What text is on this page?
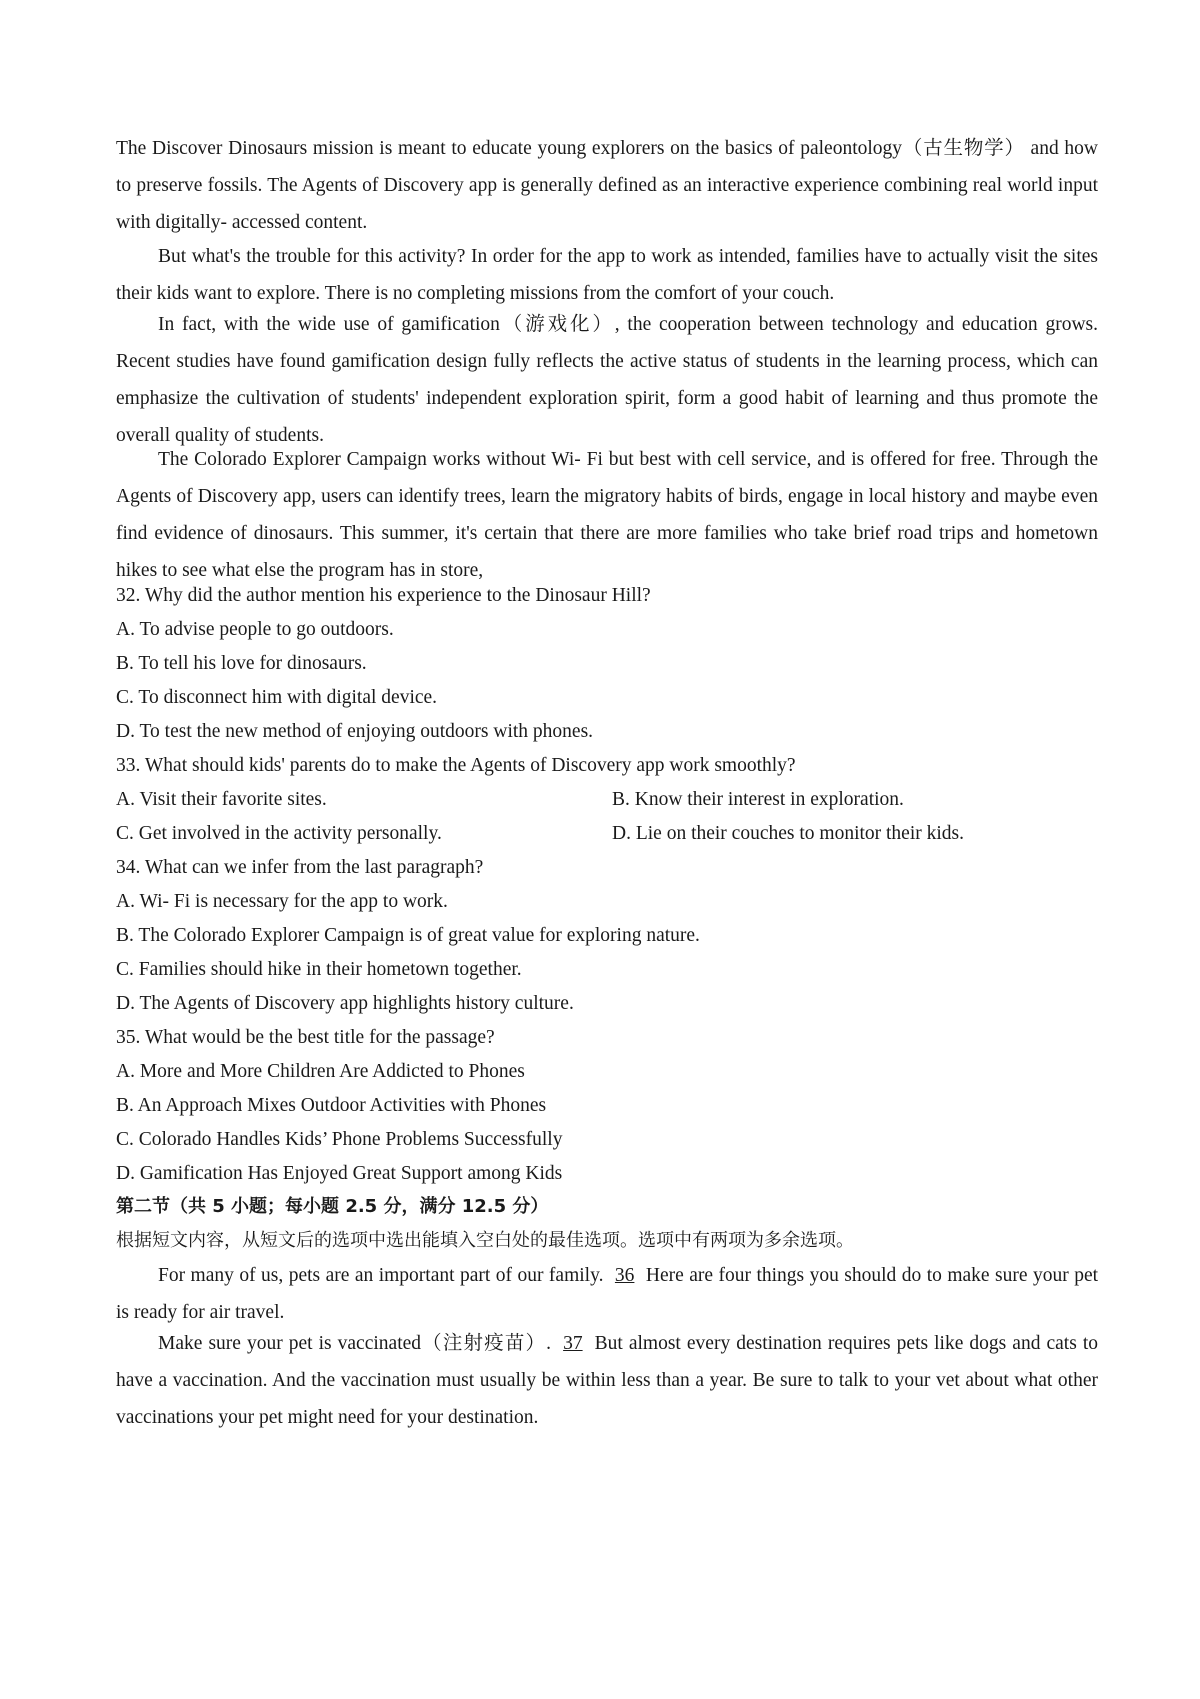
The Discover Dinosaurs mission is meant to educate young explorers on the basics of paleontology（古生物学） and how to preserve fossils. The Agents of Discovery app is generally defined as an interactive experience combining real world input with digitally- accessed content.

But what's the trouble for this activity? In order for the app to work as intended, families have to actually visit the sites their kids want to explore. There is no completing missions from the comfort of your couch.

In fact, with the wide use of gamification（游戏化）, the cooperation between technology and education grows. Recent studies have found gamification design fully reflects the active status of students in the learning process, which can emphasize the cultivation of students' independent exploration spirit, form a good habit of learning and thus promote the overall quality of students.

The Colorado Explorer Campaign works without Wi- Fi but best with cell service, and is offered for free. Through the Agents of Discovery app, users can identify trees, learn the migratory habits of birds, engage in local history and maybe even find evidence of dinosaurs. This summer, it's certain that there are more families who take brief road trips and hometown hikes to see what else the program has in store,

32. Why did the author mention his experience to the Dinosaur Hill?

A. To advise people to go outdoors.

B. To tell his love for dinosaurs.

C. To disconnect him with digital device.

D. To test the new method of enjoying outdoors with phones.

33. What should kids' parents do to make the Agents of Discovery app work smoothly?

A. Visit their favorite sites.	B. Know their interest in exploration.

C. Get involved in the activity personally.	D. Lie on their couches to monitor their kids.

34. What can we infer from the last paragraph?

A. Wi- Fi is necessary for the app to work.

B. The Colorado Explorer Campaign is of great value for exploring nature.

C. Families should hike in their hometown together.

D. The Agents of Discovery app highlights history culture.

35. What would be the best title for the passage?

A. More and More Children Are Addicted to Phones

B. An Approach Mixes Outdoor Activities with Phones

C. Colorado Handles Kids’ Phone Problems Successfully

D. Gamification Has Enjoyed Great Support among Kids

第二节（共 5 小题；每小题 2.5 分，满分 12.5 分）

根据短文内容，从短文后的选项中选出能填入空白处的最佳选项。选项中有两项为多余选项。

For many of us, pets are an important part of our family. 36 Here are four things you should do to make sure your pet is ready for air travel.

Make sure your pet is vaccinated（注射疫苗）. 37 But almost every destination requires pets like dogs and cats to have a vaccination. And the vaccination must usually be within less than a year. Be sure to talk to your vet about what other vaccinations your pet might need for your destination.
